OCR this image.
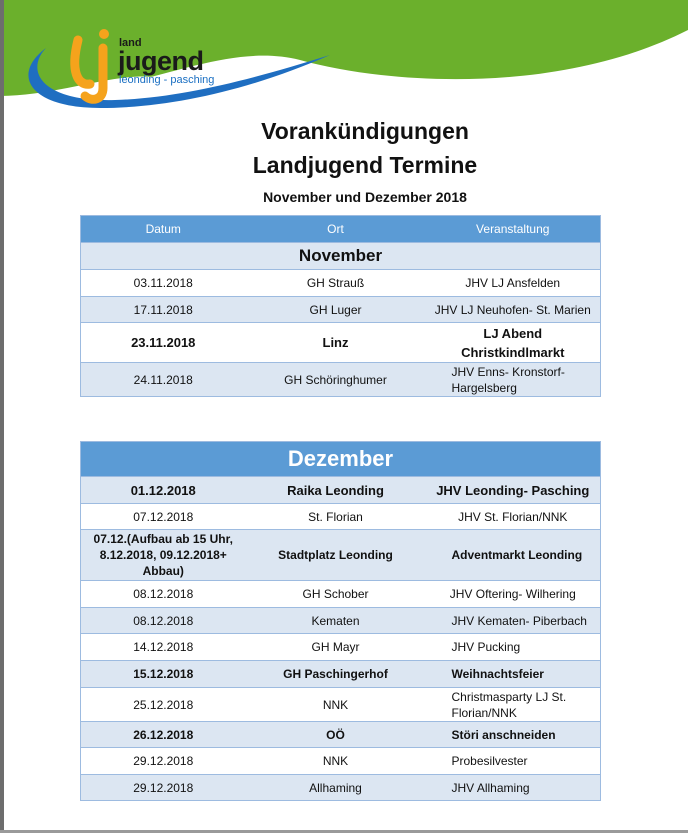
land
jugend
leonding - pasching
Vorankündigungen
Landjugend Termine
November und Dezember 2018
Datum	Ort	Veranstaltung
November		
03.11.2018	GH Strauß	JHV LJ Ansfelden
17.11.2018	GH Luger	JHV LJ Neuhofen- St. Marien
23.11.2018	Linz	LJ Abend Christkindlmarkt
24.11.2018	GH Schöringhumer	JHV Enns- Kronstorf- Hargelsberg
Dezember		
01.12.2018	Raika Leonding	JHV Leonding- Pasching
07.12.2018	St. Florian	JHV St. Florian/NNK
07.12.(Aufbau ab 15 Uhr, 8.12.2018, 09.12.2018+ Abbau)	Stadtplatz Leonding	Adventmarkt Leonding
08.12.2018	GH Schober	JHV Oftering- Wilhering
08.12.2018	Kematen	JHV Kematen- Piberbach
14.12.2018	GH Mayr	JHV Pucking
15.12.2018	GH Paschingerhof	Weihnachtsfeier
25.12.2018	NNK	Christmasparty LJ St. Florian/NNK
26.12.2018	OÖ	Störi anschneiden
29.12.2018	NNK	Probesilvester
29.12.2018	Allhaming	JHV Allhaming
